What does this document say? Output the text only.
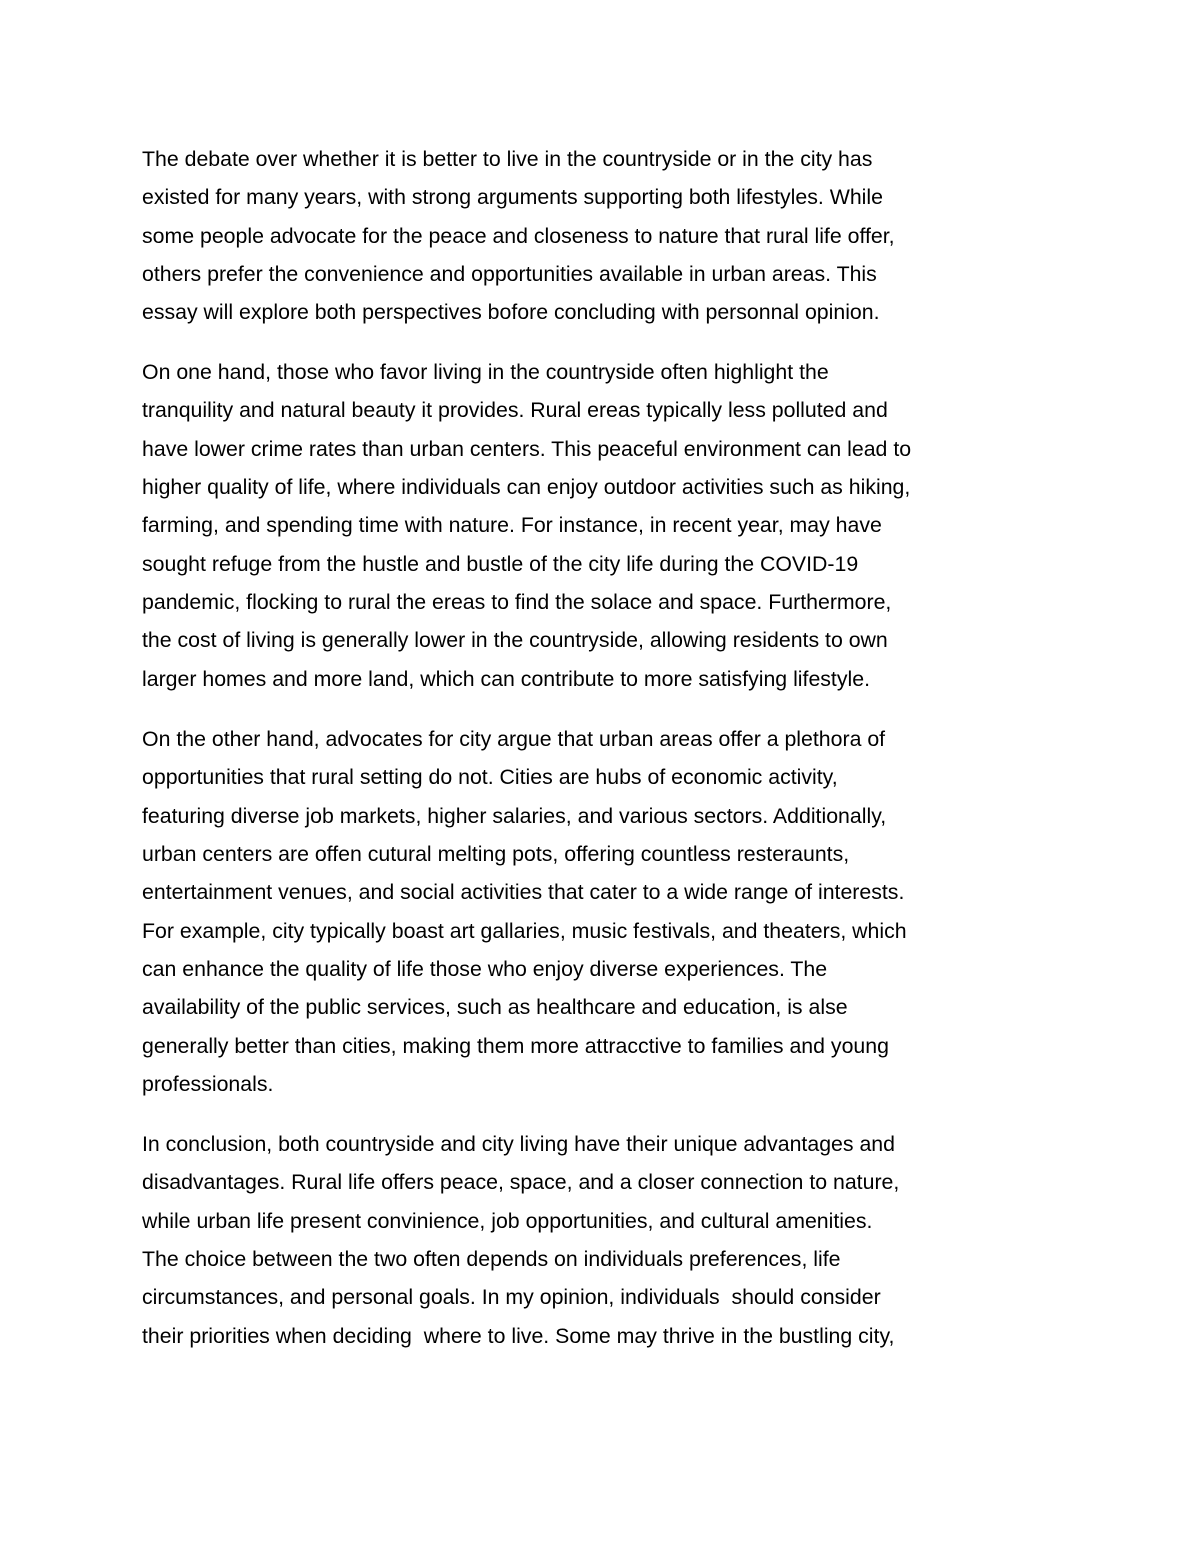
The debate over whether it is better to live in the countryside or in the city has
existed for many years, with strong arguments supporting both lifestyles. While
some people advocate for the peace and closeness to nature that rural life offer,
others prefer the convenience and opportunities available in urban areas. This
essay will explore both perspectives bofore concluding with personnal opinion.
On one hand, those who favor living in the countryside often highlight the
tranquility and natural beauty it provides. Rural ereas typically less polluted and
have lower crime rates than urban centers. This peaceful environment can lead to
higher quality of life, where individuals can enjoy outdoor activities such as hiking,
farming, and spending time with nature. For instance, in recent year, may have
sought refuge from the hustle and bustle of the city life during the COVID-19
pandemic, flocking to rural the ereas to find the solace and space. Furthermore,
the cost of living is generally lower in the countryside, allowing residents to own
larger homes and more land, which can contribute to more satisfying lifestyle.
On the other hand, advocates for city argue that urban areas offer a plethora of
opportunities that rural setting do not. Cities are hubs of economic activity,
featuring diverse job markets, higher salaries, and various sectors. Additionally,
urban centers are offen cutural melting pots, offering countless resteraunts,
entertainment venues, and social activities that cater to a wide range of interests.
For example, city typically boast art gallaries, music festivals, and theaters, which
can enhance the quality of life those who enjoy diverse experiences. The
availability of the public services, such as healthcare and education, is alse
generally better than cities, making them more attracctive to families and young
professionals.
In conclusion, both countryside and city living have their unique advantages and
disadvantages. Rural life offers peace, space, and a closer connection to nature,
while urban life present convinience, job opportunities, and cultural amenities.
The choice between the two often depends on individuals preferences, life
circumstances, and personal goals. In my opinion, individuals  should consider
their priorities when deciding  where to live. Some may thrive in the bustling city,
